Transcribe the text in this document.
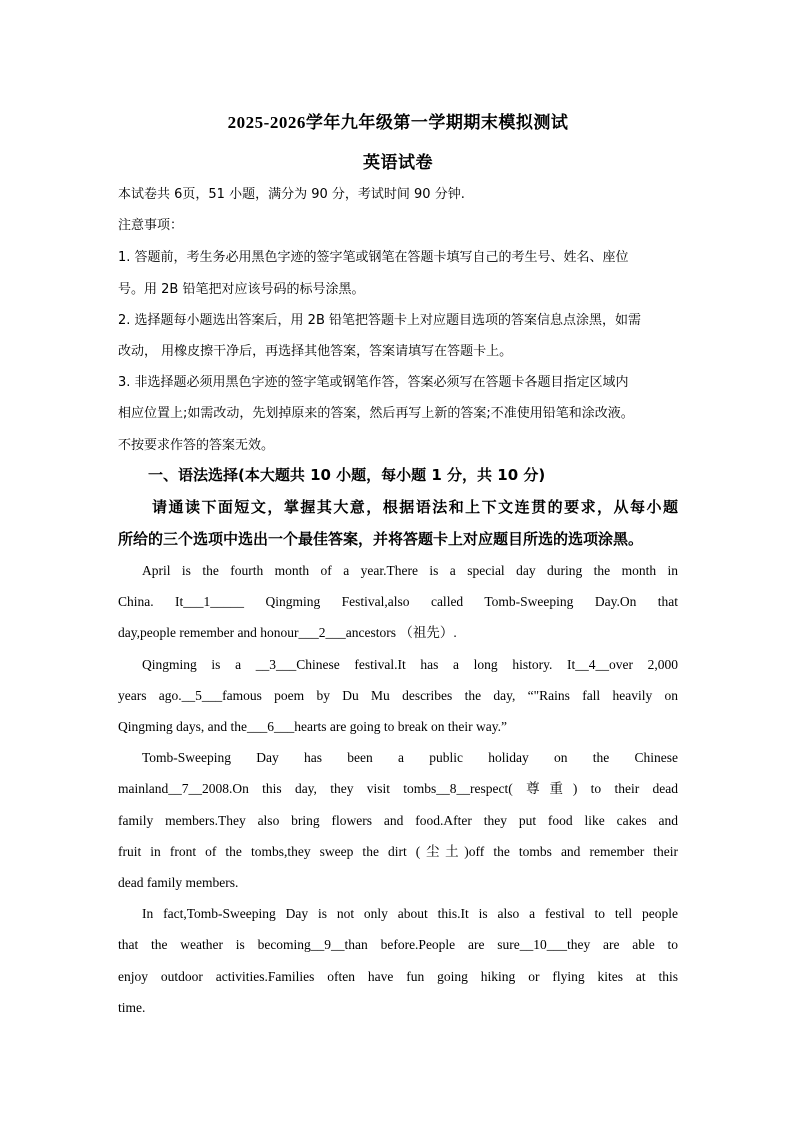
2025-2026学年九年级第一学期期末模拟测试
英语试卷
本试卷共 6页，51 小题，满分为 90 分，考试时间 90 分钟.
注意事项：
1. 答题前，考生务必用黑色字迹的签字笔或钢笔在答题卡填写自己的考生号、姓名、座位
号。用 2B 铅笔把对应该号码的标号涂黑。
2. 选择题每小题选出答案后，用 2B 铅笔把答题卡上对应题目选项的答案信息点涂黑，如需
改动， 用橡皮擦干净后，再选择其他答案，答案请填写在答题卡上。
3. 非选择题必须用黑色字迹的签字笔或钢笔作答，答案必须写在答题卡各题目指定区域内
相应位置上;如需改动，先划掉原来的答案，然后再写上新的答案;不准使用铅笔和涂改液。
不按要求作答的答案无效。
一、语法选择(本大题共 10 小题，每小题 1 分，共 10 分)
请通读下面短文，掌握其大意，根据语法和上下文连贯的要求，从每小题
所给的三个选项中选出一个最佳答案，并将答题卡上对应题目所选的选项涂黑。
April is the fourth month of a year.There is a special day during the month in
China. It___1_____ Qingming Festival,also called Tomb-Sweeping Day.On that
day,people remember and honour___2___ancestors （祖先）.
Qingming is a __3___Chinese festival.It has a long history. It__4__over 2,000
years ago.__5___famous poem by Du Mu describes the day, “"Rains fall heavily on
Qingming days, and the___6___hearts are going to break on their way.”
Tomb-Sweeping Day has been a public holiday on the Chinese
mainland__7__2008.On this day, they visit tombs__8__respect( 尊重) to their dead
family members.They also bring flowers and food.After they put food like cakes and
fruit in front of the tombs,they sweep the dirt (尘土)off the tombs and remember their
dead family members.
In fact,Tomb-Sweeping Day is not only about this.It is also a festival to tell people
that the weather is becoming__9__than before.People are sure__10___they are able to
enjoy outdoor activities.Families often have fun going hiking or flying kites at this
time.
